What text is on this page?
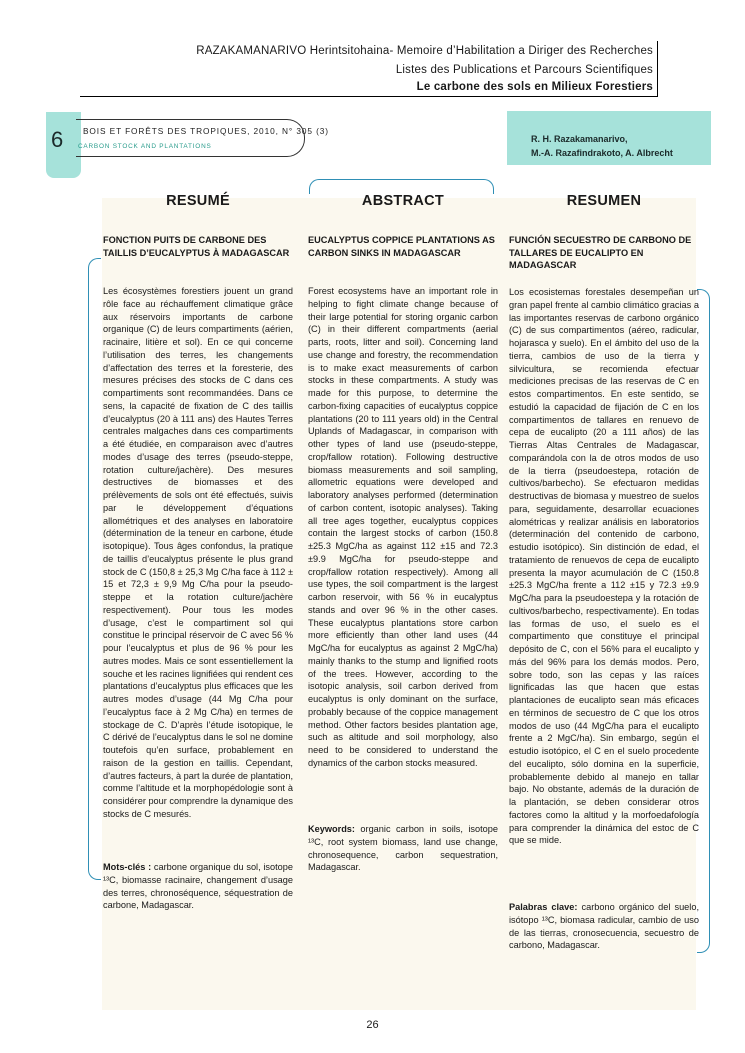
RAZAKAMANARIVO Herintsitohaina- Memoire d’Habilitation a Diriger des Recherches
Listes des Publications et Parcours Scientifiques
Le carbone des sols en Milieux Forestiers
6 BOIS ET FORÊTS DES TROPIQUES, 2010, N° 305 (3)
CARBON STOCK AND PLANTATIONS
R. H. Razakamanarivo,
M.-A. Razafindrakoto, A. Albrecht
RESUMÉ
FONCTION PUITS DE CARBONE DES TAILLIS D’EUCALYPTUS À MADAGASCAR
Les écosystèmes forestiers jouent un grand rôle face au réchauffement climatique grâce aux réservoirs importants de carbone organique (C) de leurs compartiments (aérien, racinaire, litière et sol). En ce qui concerne l’utilisation des terres, les changements d’affectation des terres et la foresterie, des mesures précises des stocks de C dans ces compartiments sont recommandées. Dans ce sens, la capacité de fixation de C des taillis d’eucalyptus (20 à 111 ans) des Hautes Terres centrales malgaches dans ces compartiments a été étudiée, en comparaison avec d’autres modes d’usage des terres (pseudo-steppe, rotation culture/jachère). Des mesures destructives de biomasses et des prélèvements de sols ont été effectués, suivis par le développement d’équations allométriques et des analyses en laboratoire (détermination de la teneur en carbone, étude isotopique). Tous âges confondus, la pratique de taillis d’eucalyptus présente le plus grand stock de C (150,8 ± 25,3 Mg C/ha face à 112 ± 15 et 72,3 ± 9,9 Mg C/ha pour la pseudo-steppe et la rotation culture/jachère respectivement). Pour tous les modes d’usage, c’est le compartiment sol qui constitue le principal réservoir de C avec 56 % pour l’eucalyptus et plus de 96 % pour les autres modes. Mais ce sont essentiellement la souche et les racines lignifiées qui rendent ces plantations d’eucalyptus plus efficaces que les autres modes d’usage (44 Mg C/ha pour l’eucalyptus face à 2 Mg C/ha) en termes de stockage de C. D’après l’étude isotopique, le C dérivé de l’eucalyptus dans le sol ne domine toutefois qu’en surface, probablement en raison de la gestion en taillis. Cependant, d’autres facteurs, à part la durée de plantation, comme l’altitude et la morphopédologie sont à considérer pour comprendre la dynamique des stocks de C mesurés.
Mots-clés : carbone organique du sol, isotope ¹³C, biomasse racinaire, changement d’usage des terres, chronoséquence, séquestration de carbone, Madagascar.
ABSTRACT
EUCALYPTUS COPPICE PLANTATIONS AS CARBON SINKS IN MADAGASCAR
Forest ecosystems have an important role in helping to fight climate change because of their large potential for storing organic carbon (C) in their different compartments (aerial parts, roots, litter and soil). Concerning land use change and forestry, the recommendation is to make exact measurements of carbon stocks in these compartments. A study was made for this purpose, to determine the carbon-fixing capacities of eucalyptus coppice plantations (20 to 111 years old) in the Central Uplands of Madagascar, in comparison with other types of land use (pseudo-steppe, crop/fallow rotation). Following destructive biomass measurements and soil sampling, allometric equations were developed and laboratory analyses performed (determination of carbon content, isotopic analyses). Taking all tree ages together, eucalyptus coppices contain the largest stocks of carbon (150.8 ±25.3 MgC/ha as against 112 ±15 and 72.3 ±9.9 MgC/ha for pseudo-steppe and crop/fallow rotation respectively). Among all use types, the soil compartment is the largest carbon reservoir, with 56 % in eucalyptus stands and over 96 % in the other cases. These eucalyptus plantations store carbon more efficiently than other land uses (44 MgC/ha for eucalyptus as against 2 MgC/ha) mainly thanks to the stump and lignified roots of the trees. However, according to the isotopic analysis, soil carbon derived from eucalyptus is only dominant on the surface, probably because of the coppice management method. Other factors besides plantation age, such as altitude and soil morphology, also need to be considered to understand the dynamics of the carbon stocks measured.
Keywords: organic carbon in soils, isotope ¹³C, root system biomass, land use change, chronosequence, carbon sequestration, Madagascar.
RESUMEN
FUNCIÓN SECUESTRO DE CARBONO DE TALLARES DE EUCALIPTO EN MADAGASCAR
Los ecosistemas forestales desempeñan un gran papel frente al cambio climático gracias a las importantes reservas de carbono orgánico (C) de sus compartimentos (aéreo, radicular, hojarasca y suelo). En el ámbito del uso de la tierra, cambios de uso de la tierra y silvicultura, se recomienda efectuar mediciones precisas de las reservas de C en estos compartimentos. En este sentido, se estudió la capacidad de fijación de C en los compartimentos de tallares en renuevo de cepa de eucalipto (20 a 111 años) de las Tierras Altas Centrales de Madagascar, comparándola con la de otros modos de uso de la tierra (pseudoestepa, rotación de cultivos/barbecho). Se efectuaron medidas destructivas de biomasa y muestreo de suelos para, seguidamente, desarrollar ecuaciones alométricas y realizar análisis en laboratorios (determinación del contenido de carbono, estudio isotópico). Sin distinción de edad, el tratamiento de renuevos de cepa de eucalipto presenta la mayor acumulación de C (150.8 ±25.3 MgC/ha frente a 112 ±15 y 72.3 ±9.9 MgC/ha para la pseudoestepa y la rotación de cultivos/barbecho, respectivamente). En todas las formas de uso, el suelo es el compartimento que constituye el principal depósito de C, con el 56% para el eucalipto y más del 96% para los demás modos. Pero, sobre todo, son las cepas y las raíces lignificadas las que hacen que estas plantaciones de eucalipto sean más eficaces en términos de secuestro de C que los otros modos de uso (44 MgC/ha para el eucalipto frente a 2 MgC/ha). Sin embargo, según el estudio isotópico, el C en el suelo procedente del eucalipto, sólo domina en la superficie, probablemente debido al manejo en tallar bajo. No obstante, además de la duración de la plantación, se deben considerar otros factores como la altitud y la morfoedafología para comprender la dinámica del estoc de C que se mide.
Palabras clave: carbono orgánico del suelo, isótopo ¹³C, biomasa radicular, cambio de uso de las tierras, cronosecuencia, secuestro de carbono, Madagascar.
26
